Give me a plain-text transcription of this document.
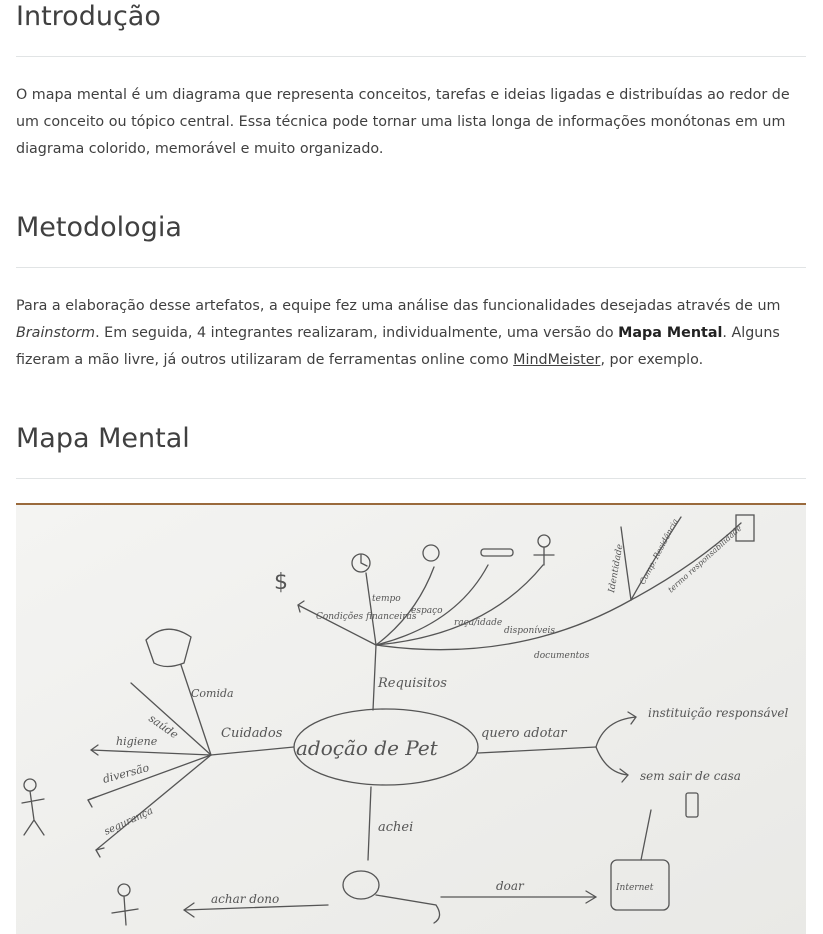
Introdução

O mapa mental é um diagrama que representa conceitos, tarefas e ideias ligadas e distribuídas ao redor de um conceito ou tópico central. Essa técnica pode tornar uma lista longa de informações monótonas em um diagrama colorido, memorável e muito organizado.

Metodologia

Para a elaboração desse artefatos, a equipe fez uma análise das funcionalidades desejadas através de um Brainstorm. Em seguida, 4 integrantes realizaram, individualmente, uma versão do Mapa Mental. Alguns fizeram a mão livre, já outros utilizaram de ferramentas online como MindMeister, por exemplo.

Mapa Mental
adoção de Pet
Requisitos
Cuidados	quero adotar
achei
Comida
saúde
higiene
diversão
segurança
instituição responsável
sem sair de casa
achar dono
doar
Condições financeiras
tempo
espaço
raça/idade
disponíveis
documentos
Identidade Comp. Residência
termo responsabilidade
Internet
$
